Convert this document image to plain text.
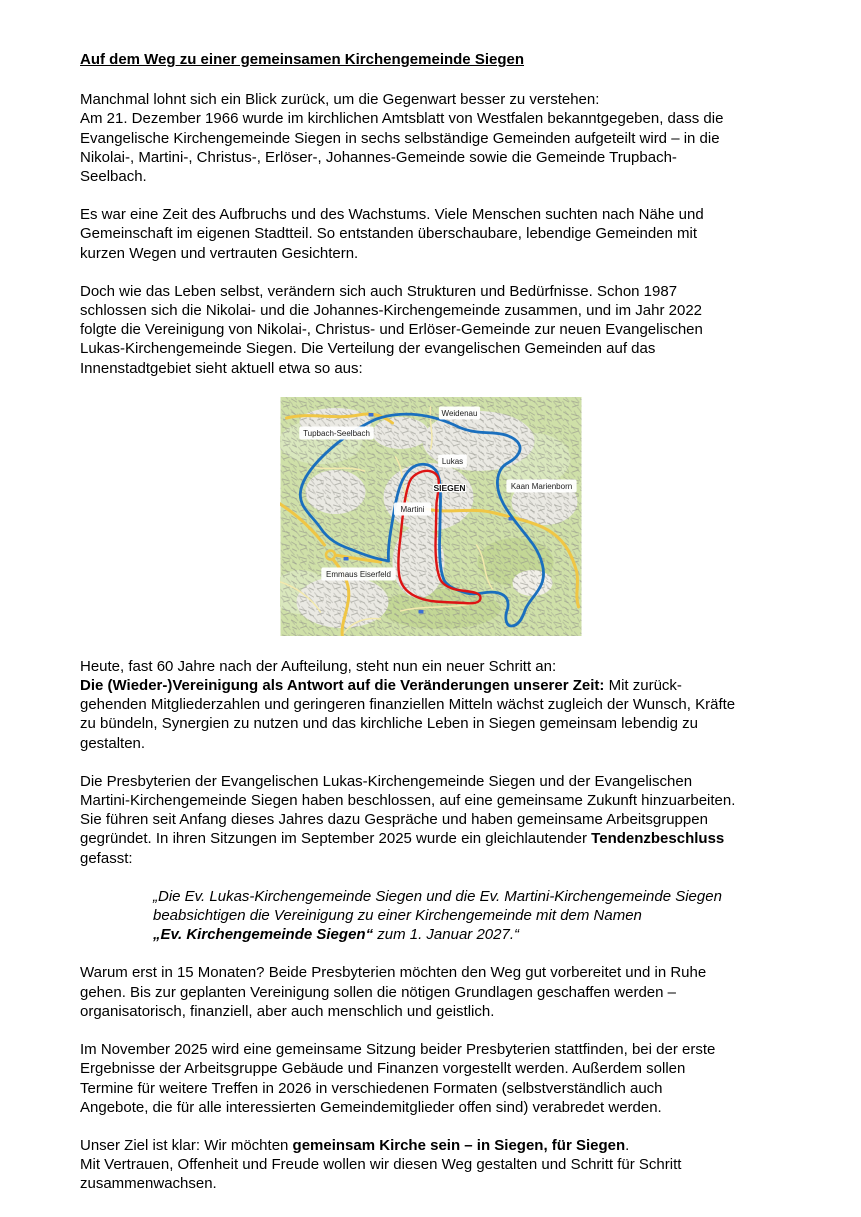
Auf dem Weg zu einer gemeinsamen Kirchengemeinde Siegen
Manchmal lohnt sich ein Blick zurück, um die Gegenwart besser zu verstehen:
Am 21. Dezember 1966 wurde im kirchlichen Amtsblatt von Westfalen bekanntgegeben, dass die
Evangelische Kirchengemeinde Siegen in sechs selbständige Gemeinden aufgeteilt wird – in die
Nikolai-, Martini-, Christus-, Erlöser-, Johannes-Gemeinde sowie die Gemeinde Trupbach-
Seelbach.
Es war eine Zeit des Aufbruchs und des Wachstums. Viele Menschen suchten nach Nähe und
Gemeinschaft im eigenen Stadtteil. So entstanden überschaubare, lebendige Gemeinden mit
kurzen Wegen und vertrauten Gesichtern.
Doch wie das Leben selbst, verändern sich auch Strukturen und Bedürfnisse. Schon 1987
schlossen sich die Nikolai- und die Johannes-Kirchengemeinde zusammen, und im Jahr 2022
folgte die Vereinigung von Nikolai-, Christus- und Erlöser-Gemeinde zur neuen Evangelischen
Lukas-Kirchengemeinde Siegen. Die Verteilung der evangelischen Gemeinden auf das
Innenstadtgebiet sieht aktuell etwa so aus:
Weidenau
Tupbach-Seelbach
Lukas
SIEGEN	Kaan Marienborn
Martini
Emmaus Eiserfeld
Heute, fast 60 Jahre nach der Aufteilung, steht nun ein neuer Schritt an:
Die (Wieder-)Vereinigung als Antwort auf die Veränderungen unserer Zeit: Mit zurück-
gehenden Mitgliederzahlen und geringeren finanziellen Mitteln wächst zugleich der Wunsch, Kräfte
zu bündeln, Synergien zu nutzen und das kirchliche Leben in Siegen gemeinsam lebendig zu
gestalten.
Die Presbyterien der Evangelischen Lukas-Kirchengemeinde Siegen und der Evangelischen
Martini-Kirchengemeinde Siegen haben beschlossen, auf eine gemeinsame Zukunft hinzuarbeiten.
Sie führen seit Anfang dieses Jahres dazu Gespräche und haben gemeinsame Arbeitsgruppen
gegründet. In ihren Sitzungen im September 2025 wurde ein gleichlautender Tendenzbeschluss
gefasst:
„Die Ev. Lukas-Kirchengemeinde Siegen und die Ev. Martini-Kirchengemeinde Siegen
beabsichtigen die Vereinigung zu einer Kirchengemeinde mit dem Namen
„Ev. Kirchengemeinde Siegen“ zum 1. Januar 2027.“
Warum erst in 15 Monaten? Beide Presbyterien möchten den Weg gut vorbereitet und in Ruhe
gehen. Bis zur geplanten Vereinigung sollen die nötigen Grundlagen geschaffen werden –
organisatorisch, finanziell, aber auch menschlich und geistlich.
Im November 2025 wird eine gemeinsame Sitzung beider Presbyterien stattfinden, bei der erste
Ergebnisse der Arbeitsgruppe Gebäude und Finanzen vorgestellt werden. Außerdem sollen
Termine für weitere Treffen in 2026 in verschiedenen Formaten (selbstverständlich auch
Angebote, die für alle interessierten Gemeindemitglieder offen sind) verabredet werden.
Unser Ziel ist klar: Wir möchten gemeinsam Kirche sein – in Siegen, für Siegen.
Mit Vertrauen, Offenheit und Freude wollen wir diesen Weg gestalten und Schritt für Schritt
zusammenwachsen.
